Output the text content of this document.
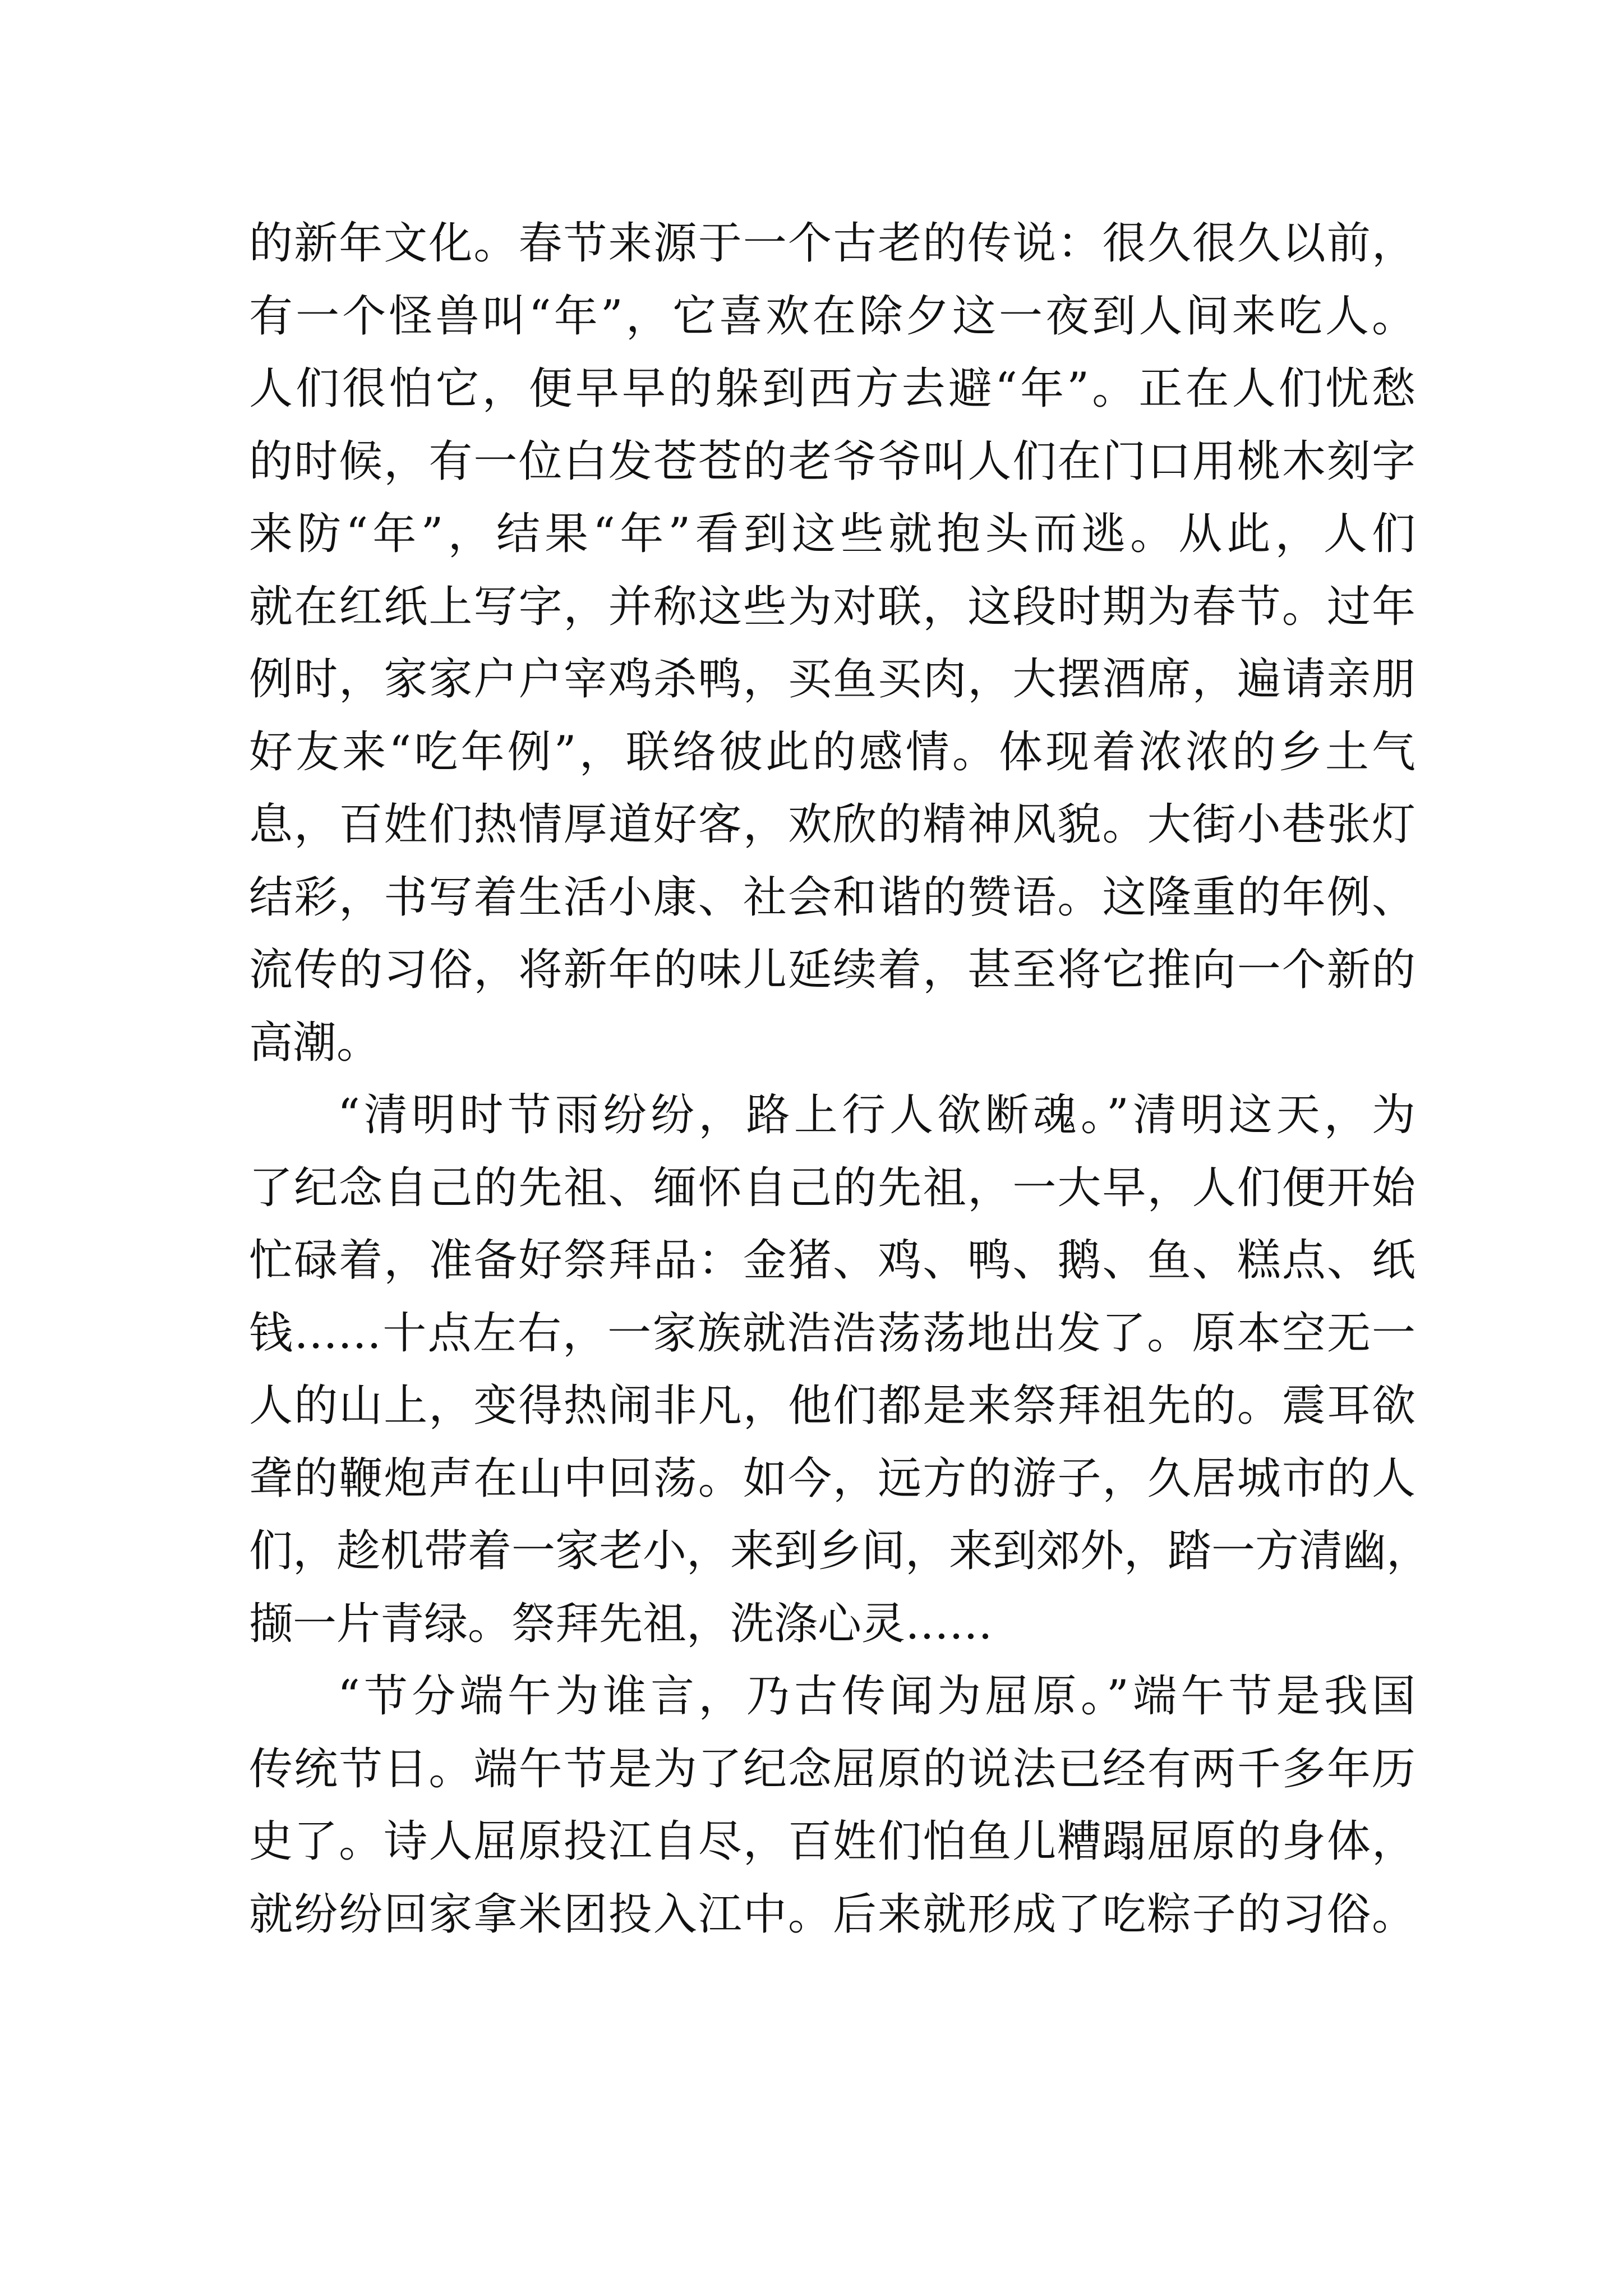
的新年文化。春节来源于一个古老的传说：很久很久以前，
有一个怪兽叫“年”，它喜欢在除夕这一夜到人间来吃人。
人们很怕它，便早早的躲到西方去避“年”。正在人们忧愁
的时候，有一位白发苍苍的老爷爷叫人们在门口用桃木刻字
来防“年”，结果“年”看到这些就抱头而逃。从此，人们
就在红纸上写字，并称这些为对联，这段时期为春节。过年
例时，家家户户宰鸡杀鸭，买鱼买肉，大摆酒席，遍请亲朋
好友来“吃年例”，联络彼此的感情。体现着浓浓的乡土气
息，百姓们热情厚道好客，欢欣的精神风貌。大街小巷张灯
结彩，书写着生活小康、社会和谐的赞语。这隆重的年例、
流传的习俗，将新年的味儿延续着，甚至将它推向一个新的
高潮。
“清明时节雨纷纷，路上行人欲断魂。”清明这天，为
了纪念自己的先祖、缅怀自己的先祖，一大早，人们便开始
忙碌着，准备好祭拜品：金猪、鸡、鸭、鹅、鱼、糕点、纸
钱……十点左右，一家族就浩浩荡荡地出发了。原本空无一
人的山上，变得热闹非凡，他们都是来祭拜祖先的。震耳欲
聋的鞭炮声在山中回荡。如今，远方的游子，久居城市的人
们，趁机带着一家老小，来到乡间，来到郊外，踏一方清幽，
撷一片青绿。祭拜先祖，洗涤心灵……
“节分端午为谁言，乃古传闻为屈原。”端午节是我国
传统节日。端午节是为了纪念屈原的说法已经有两千多年历
史了。诗人屈原投江自尽，百姓们怕鱼儿糟蹋屈原的身体，
就纷纷回家拿米团投入江中。后来就形成了吃粽子的习俗。
